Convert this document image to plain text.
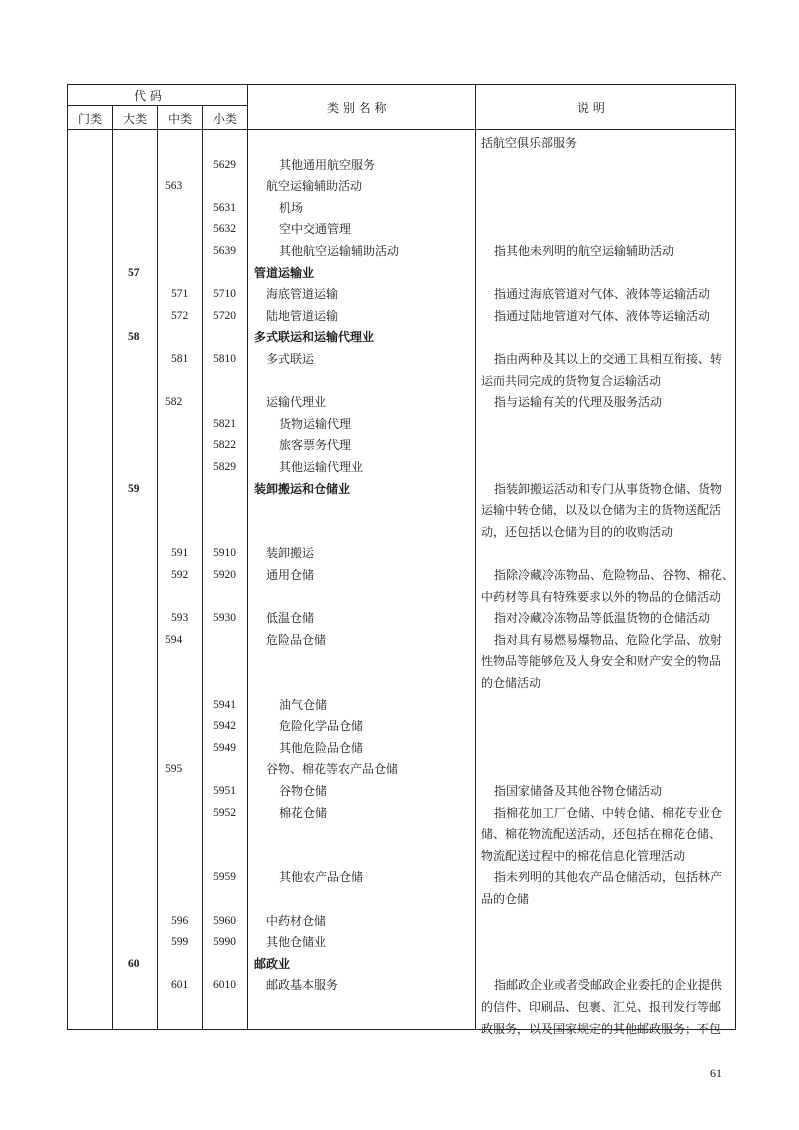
代 码
门类 大类 中类 小类
类 别 名 称	说 明
括航空俱乐部服务
5629	其他通用航空服务
563	航空运输辅助活动
5631	机场
5632	空中交通管理
5639	其他航空运输辅助活动	指其他未列明的航空运输辅助活动
57	管道运输业
571 5710	海底管道运输	指通过海底管道对气体、液体等运输活动
572 5720	陆地管道运输	指通过陆地管道对气体、液体等运输活动
58	多式联运和运输代理业
581 5810	多式联运	指由两种及其以上的交通工具相互衔接、转
运而共同完成的货物复合运输活动
582	运输代理业	指与运输有关的代理及服务活动
5821	货物运输代理
5822	旅客票务代理
5829	其他运输代理业
59	装卸搬运和仓储业	指装卸搬运活动和专门从事货物仓储、货物
运输中转仓储，以及以仓储为主的货物送配活
动，还包括以仓储为目的的收购活动
591 5910	装卸搬运
592 5920	通用仓储	指除冷藏冷冻物品、危险物品、谷物、棉花、
中药材等具有特殊要求以外的物品的仓储活动
593 5930	低温仓储	指对冷藏冷冻物品等低温货物的仓储活动
594	危险品仓储	指对具有易燃易爆物品、危险化学品、放射
性物品等能够危及人身安全和财产安全的物品
的仓储活动
5941	油气仓储
5942	危险化学品仓储
5949	其他危险品仓储
595	谷物、棉花等农产品仓储
5951	谷物仓储	指国家储备及其他谷物仓储活动
5952	棉花仓储	指棉花加工厂仓储、中转仓储、棉花专业仓
储、棉花物流配送活动，还包括在棉花仓储、
物流配送过程中的棉花信息化管理活动
5959	其他农产品仓储	指未列明的其他农产品仓储活动，包括林产
品的仓储
596 5960	中药材仓储
599 5990	其他仓储业
60	邮政业
601 6010	邮政基本服务	指邮政企业或者受邮政企业委托的企业提供
的信件、印刷品、包裹、汇兑、报刊发行等邮
政服务，以及国家规定的其他邮政服务；不包
61
